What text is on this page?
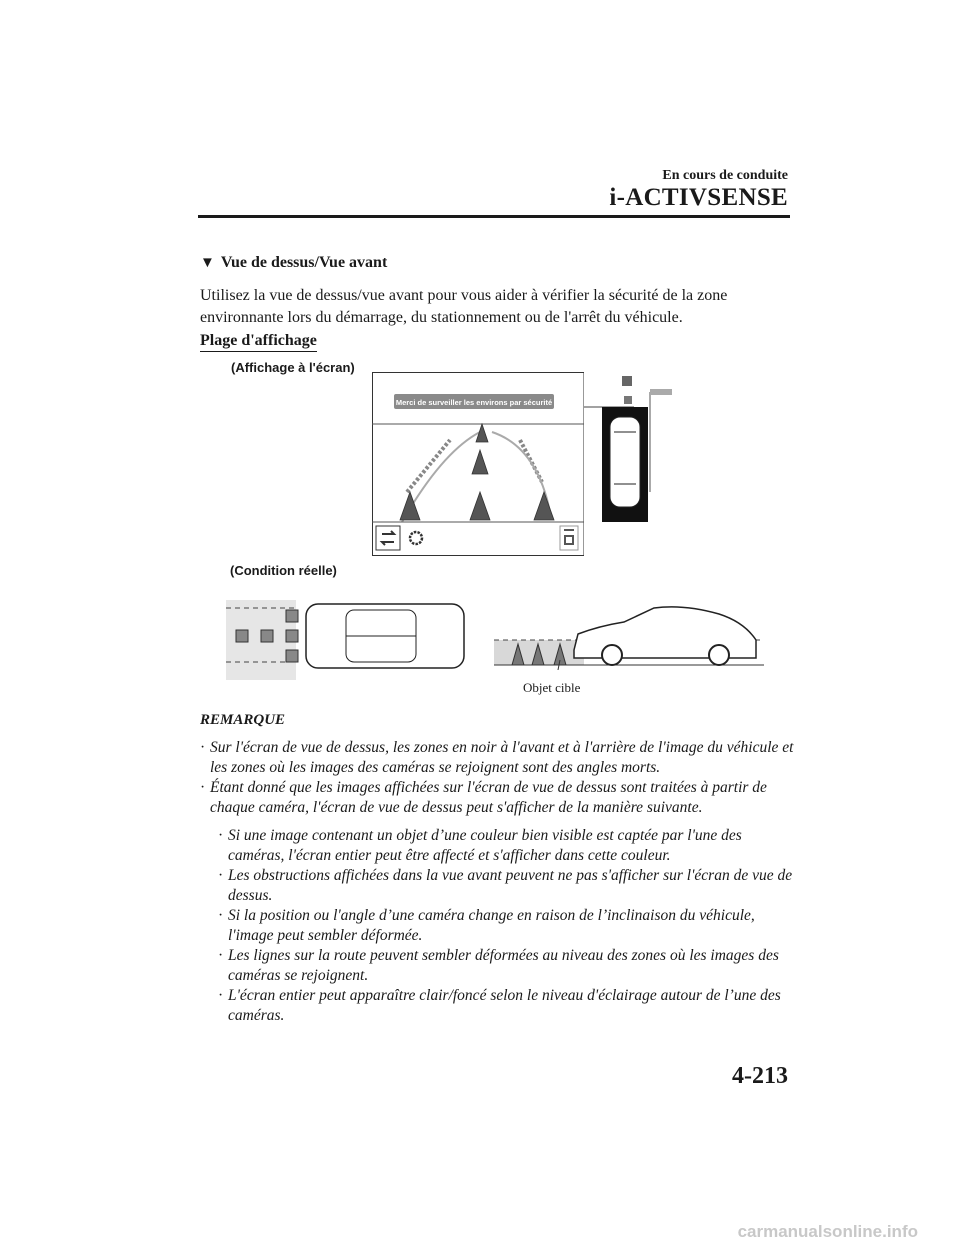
En cours de conduite
i-ACTIVSENSE
▼ Vue de dessus/Vue avant
Utilisez la vue de dessus/vue avant pour vous aider à vérifier la sécurité de la zone environnante lors du démarrage, du stationnement ou de l'arrêt du véhicule.
Plage d'affichage
(Affichage à l'écran)
(Condition réelle)
Merci de surveiller les environs par sécurité
Objet cible
REMARQUE
· Sur l'écran de vue de dessus, les zones en noir à l'avant et à l'arrière de l'image du véhicule et les zones où les images des caméras se rejoignent sont des angles morts.
· Étant donné que les images affichées sur l'écran de vue de dessus sont traitées à partir de chaque caméra, l'écran de vue de dessus peut s'afficher de la manière suivante.
· Si une image contenant un objet d’une couleur bien visible est captée par l'une des caméras, l'écran entier peut être affecté et s'afficher dans cette couleur.
· Les obstructions affichées dans la vue avant peuvent ne pas s'afficher sur l'écran de vue de dessus.
· Si la position ou l'angle d’une caméra change en raison de l’inclinaison du véhicule, l'image peut sembler déformée.
· Les lignes sur la route peuvent sembler déformées au niveau des zones où les images des caméras se rejoignent.
· L'écran entier peut apparaître clair/foncé selon le niveau d'éclairage autour de l’une des caméras.
4-213
carmanualsonline.info
